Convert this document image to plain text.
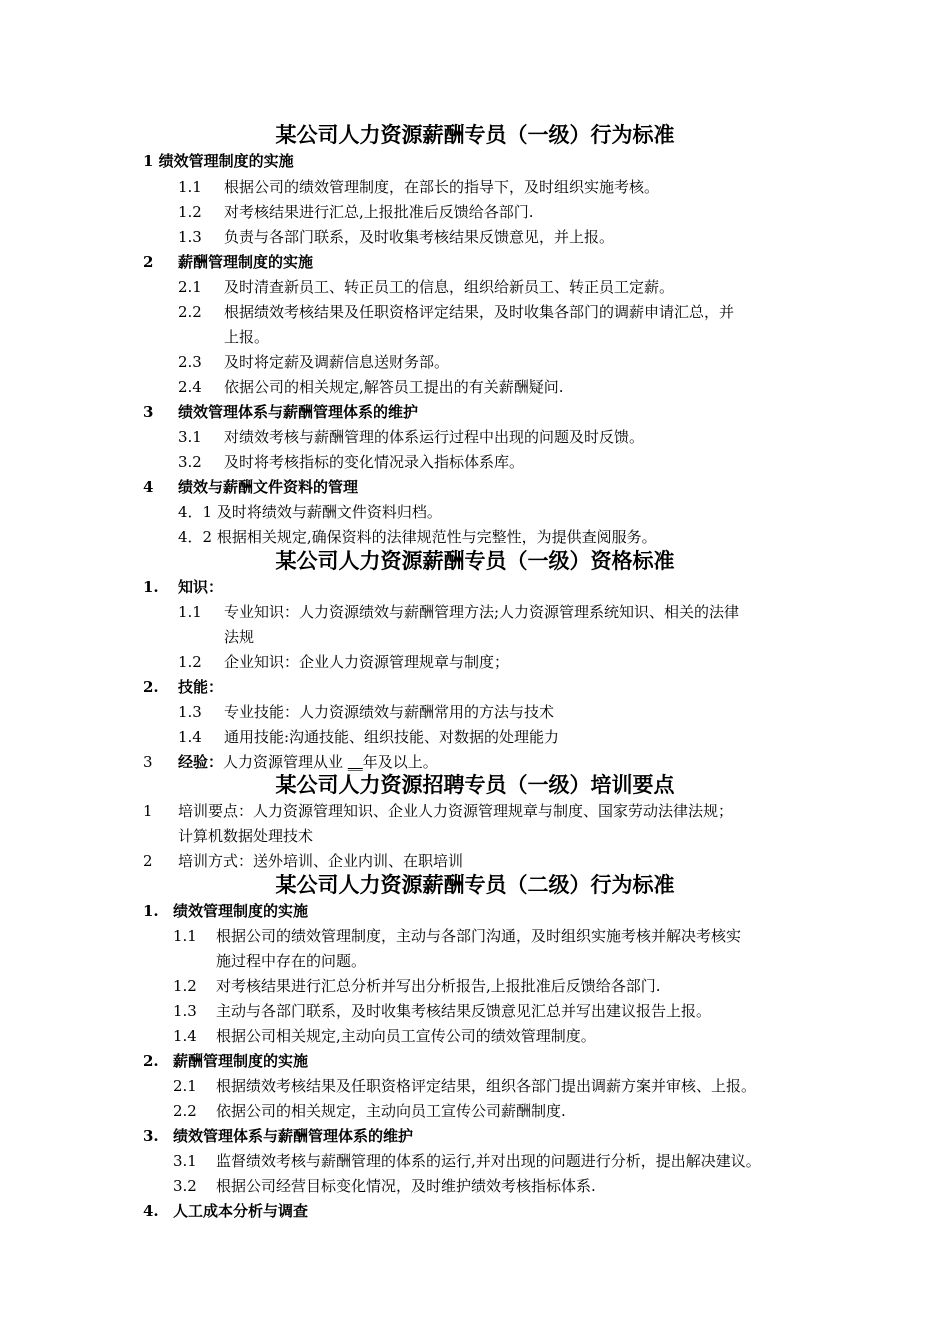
某公司人力资源薪酬专员（一级）行为标准
1 绩效管理制度的实施
1.1 根据公司的绩效管理制度，在部长的指导下，及时组织实施考核。
1.2 对考核结果进行汇总,上报批准后反馈给各部门.
1.3 负责与各部门联系，及时收集考核结果反馈意见，并上报。
2 薪酬管理制度的实施
2.1 及时清查新员工、转正员工的信息，组织给新员工、转正员工定薪。
2.2 根据绩效考核结果及任职资格评定结果，及时收集各部门的调薪申请汇总，并
上报。
2.3 及时将定薪及调薪信息送财务部。
2.4 依据公司的相关规定,解答员工提出的有关薪酬疑问.
3 绩效管理体系与薪酬管理体系的维护
3.1 对绩效考核与薪酬管理的体系运行过程中出现的问题及时反馈。
3.2 及时将考核指标的变化情况录入指标体系库。
4 绩效与薪酬文件资料的管理
4．1 及时将绩效与薪酬文件资料归档。
4．2 根据相关规定,确保资料的法律规范性与完整性，为提供查阅服务。
某公司人力资源薪酬专员（一级）资格标准
1. 知识：
1.1 专业知识：人力资源绩效与薪酬管理方法;人力资源管理系统知识、相关的法律
法规
1.2 企业知识：企业人力资源管理规章与制度；
2. 技能：
1.3 专业技能：人力资源绩效与薪酬常用的方法与技术
1.4 通用技能:沟通技能、组织技能、对数据的处理能力
3 经验：人力资源管理从业 __年及以上。
某公司人力资源招聘专员（一级）培训要点
1 培训要点：人力资源管理知识、企业人力资源管理规章与制度、国家劳动法律法规；
计算机数据处理技术
2 培训方式：送外培训、企业内训、在职培训
某公司人力资源薪酬专员（二级）行为标准
1. 绩效管理制度的实施
1.1 根据公司的绩效管理制度，主动与各部门沟通，及时组织实施考核并解决考核实
施过程中存在的问题。
1.2 对考核结果进行汇总分析并写出分析报告,上报批准后反馈给各部门.
1.3 主动与各部门联系，及时收集考核结果反馈意见汇总并写出建议报告上报。
1.4 根据公司相关规定,主动向员工宣传公司的绩效管理制度。
2. 薪酬管理制度的实施
2.1 根据绩效考核结果及任职资格评定结果，组织各部门提出调薪方案并审核、上报。
2.2 依据公司的相关规定，主动向员工宣传公司薪酬制度.
3. 绩效管理体系与薪酬管理体系的维护
3.1 监督绩效考核与薪酬管理的体系的运行,并对出现的问题进行分析，提出解决建议。
3.2 根据公司经营目标变化情况，及时维护绩效考核指标体系.
4. 人工成本分析与调查
